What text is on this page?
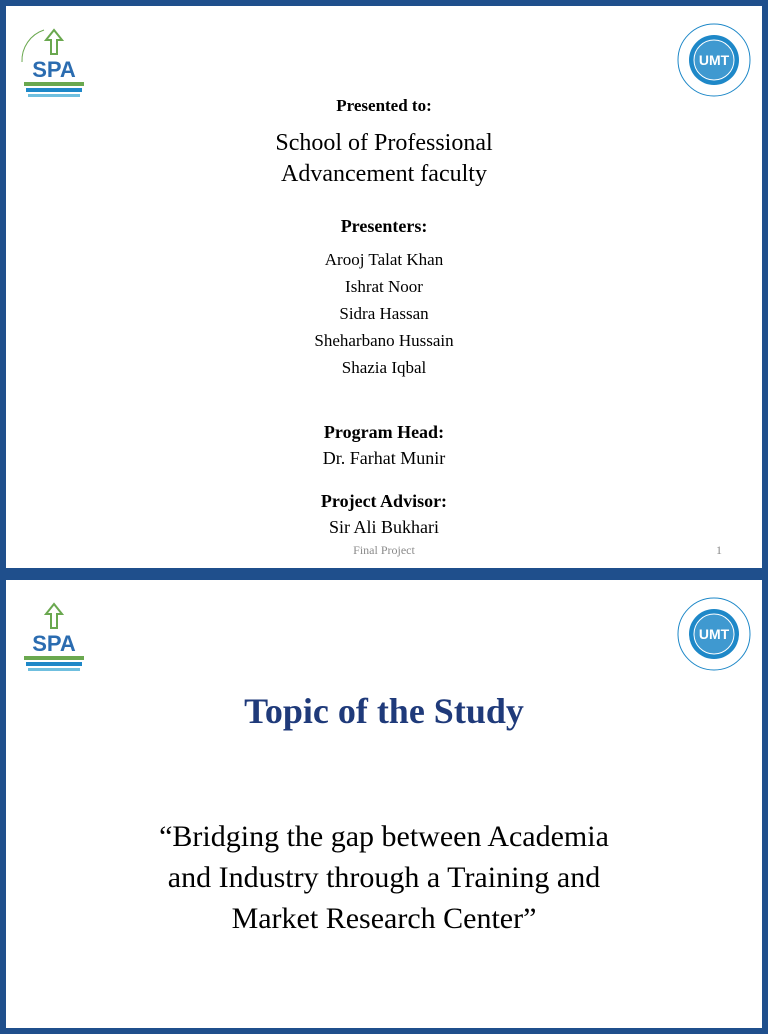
SPA	UMT
Presented to:
School of Professional
Advancement faculty
Presenters:
Arooj Talat Khan
Ishrat Noor
Sidra Hassan
Sheharbano Hussain
Shazia Iqbal
Program Head:
Dr. Farhat Munir
Project Advisor:
Sir Ali Bukhari
Final Project	1
SPA	UMT
Topic of the Study
“Bridging the gap between Academia
and Industry through a Training and
Market Research Center”
